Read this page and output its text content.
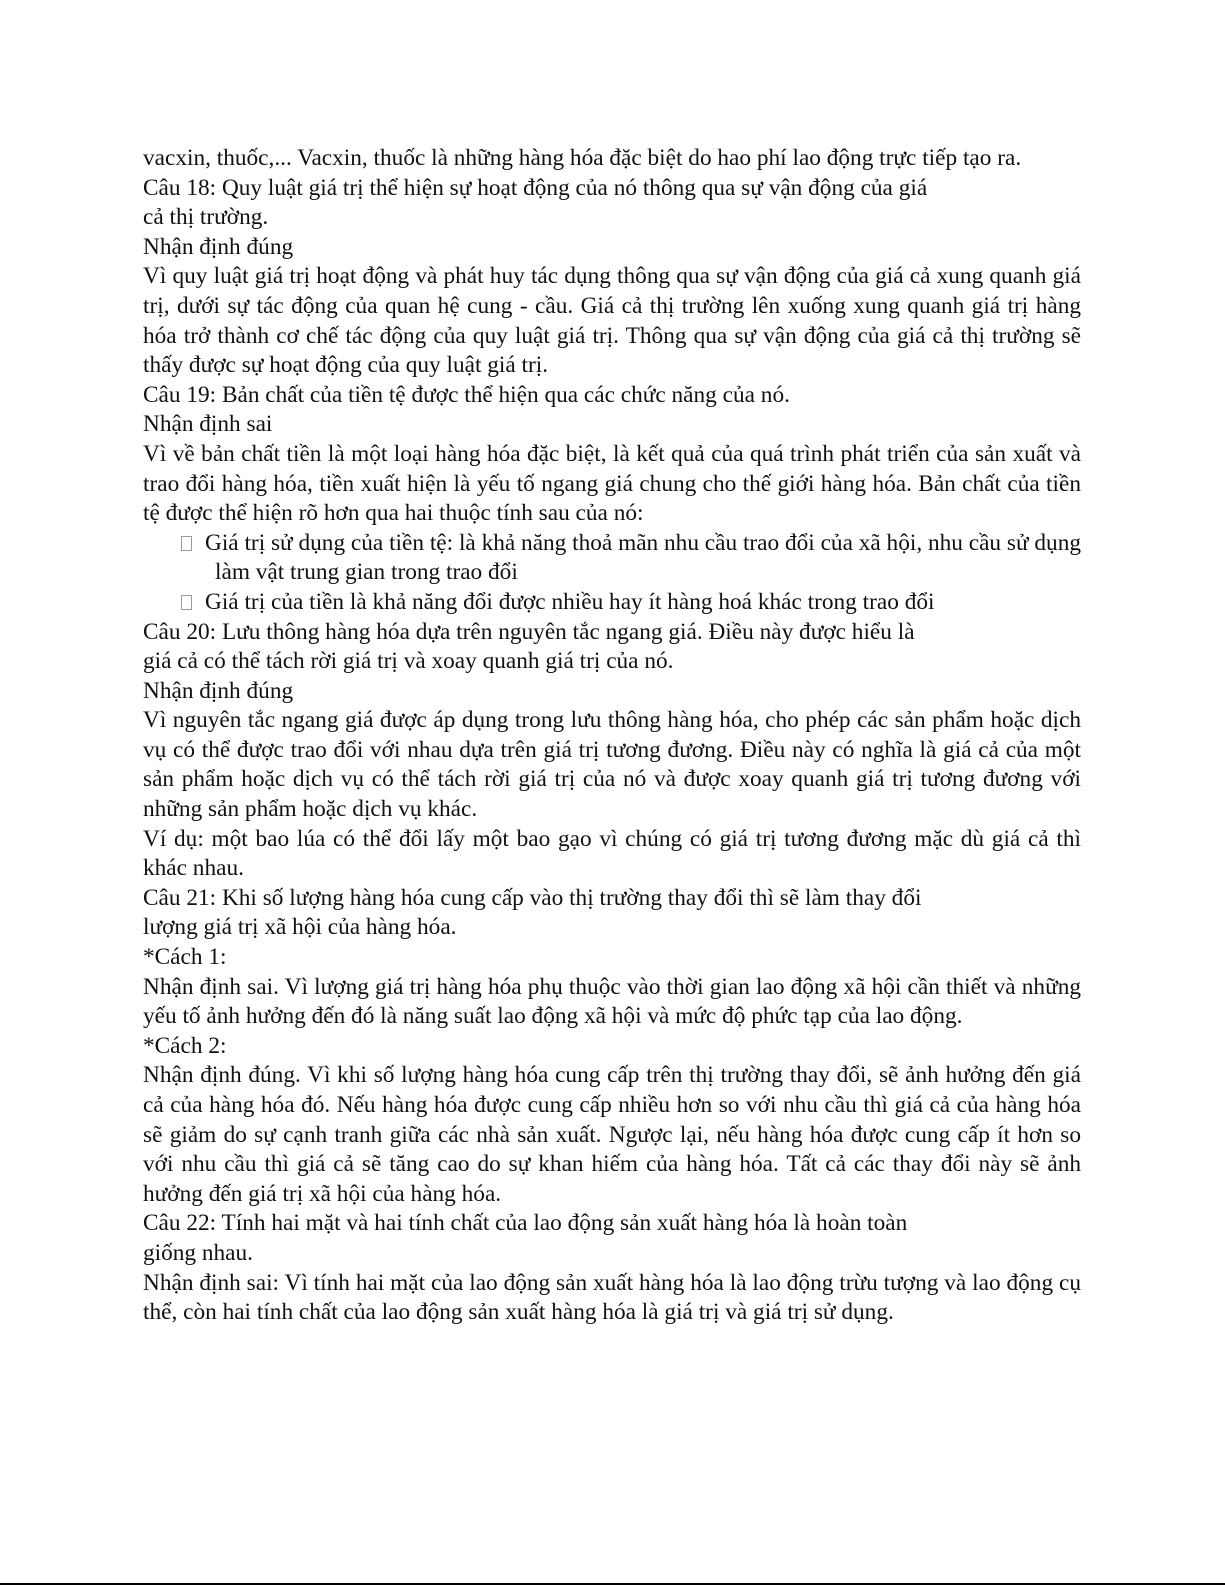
vacxin, thuốc,... Vacxin, thuốc là những hàng hóa đặc biệt do hao phí lao động trực tiếp tạo ra.
Câu 18: Quy luật giá trị thể hiện sự hoạt động của nó thông qua sự vận động của giá
cả thị trường.
Nhận định đúng
Vì quy luật giá trị hoạt động và phát huy tác dụng thông qua sự vận động của giá cả xung quanh giá trị, dưới sự tác động của quan hệ cung - cầu. Giá cả thị trường lên xuống xung quanh giá trị hàng hóa trở thành cơ chế tác động của quy luật giá trị. Thông qua sự vận động của giá cả thị trường sẽ thấy được sự hoạt động của quy luật giá trị.
Câu 19: Bản chất của tiền tệ được thể hiện qua các chức năng của nó.
Nhận định sai
Vì về bản chất tiền là một loại hàng hóa đặc biệt, là kết quả của quá trình phát triển của sản xuất và trao đổi hàng hóa, tiền xuất hiện là yếu tố ngang giá chung cho thế giới hàng hóa. Bản chất của tiền tệ được thể hiện rõ hơn qua hai thuộc tính sau của nó:
Giá trị sử dụng của tiền tệ: là khả năng thoả mãn nhu cầu trao đổi của xã hội, nhu cầu sử dụng làm vật trung gian trong trao đổi
Giá trị của tiền là khả năng đổi được nhiều hay ít hàng hoá khác trong trao đổi
Câu 20: Lưu thông hàng hóa dựa trên nguyên tắc ngang giá. Điều này được hiểu là
giá cả có thể tách rời giá trị và xoay quanh giá trị của nó.
Nhận định đúng
Vì nguyên tắc ngang giá được áp dụng trong lưu thông hàng hóa, cho phép các sản phẩm hoặc dịch vụ có thể được trao đổi với nhau dựa trên giá trị tương đương. Điều này có nghĩa là giá cả của một sản phẩm hoặc dịch vụ có thể tách rời giá trị của nó và được xoay quanh giá trị tương đương với những sản phẩm hoặc dịch vụ khác.
Ví dụ: một bao lúa có thể đổi lấy một bao gạo vì chúng có giá trị tương đương mặc dù giá cả thì khác nhau.
Câu 21: Khi số lượng hàng hóa cung cấp vào thị trường thay đổi thì sẽ làm thay đổi
lượng giá trị xã hội của hàng hóa.
*Cách 1:
Nhận định sai. Vì lượng giá trị hàng hóa phụ thuộc vào thời gian lao động xã hội cần thiết và những yếu tố ảnh hưởng đến đó là năng suất lao động xã hội và mức độ phức tạp của lao động.
*Cách 2:
Nhận định đúng. Vì khi số lượng hàng hóa cung cấp trên thị trường thay đổi, sẽ ảnh hưởng đến giá cả của hàng hóa đó. Nếu hàng hóa được cung cấp nhiều hơn so với nhu cầu thì giá cả của hàng hóa sẽ giảm do sự cạnh tranh giữa các nhà sản xuất. Ngược lại, nếu hàng hóa được cung cấp ít hơn so với nhu cầu thì giá cả sẽ tăng cao do sự khan hiếm của hàng hóa. Tất cả các thay đổi này sẽ ảnh hưởng đến giá trị xã hội của hàng hóa.
Câu 22: Tính hai mặt và hai tính chất của lao động sản xuất hàng hóa là hoàn toàn
giống nhau.
Nhận định sai: Vì tính hai mặt của lao động sản xuất hàng hóa là lao động trừu tượng và lao động cụ thể, còn hai tính chất của lao động sản xuất hàng hóa là giá trị và giá trị sử dụng.
